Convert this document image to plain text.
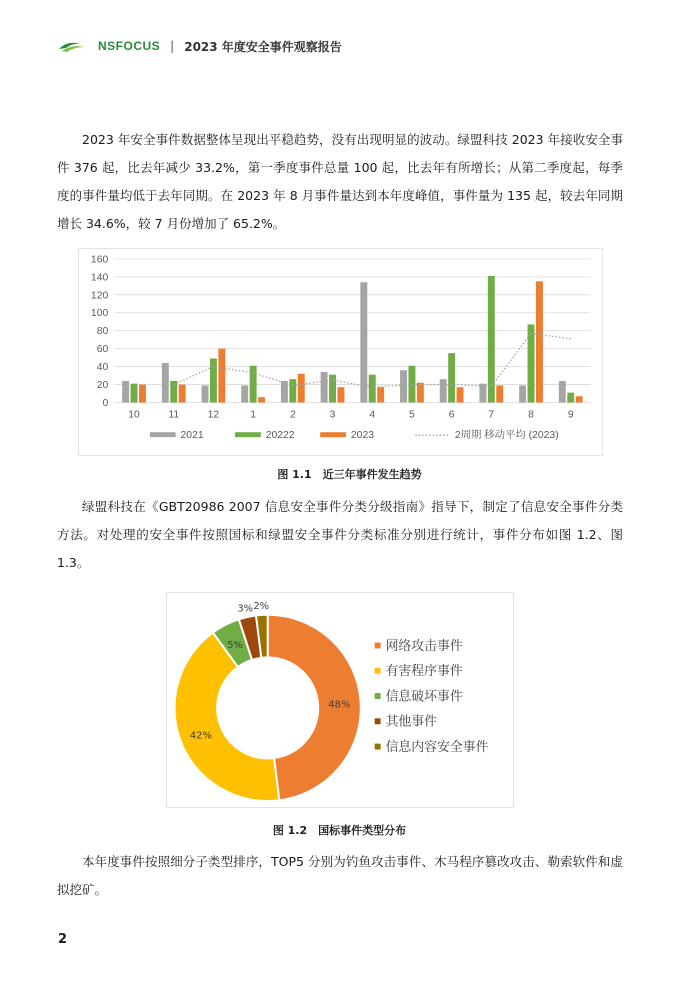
NSFOCUS | 2023 年度安全事件观察报告

2023 年安全事件数据整体呈现出平稳趋势，没有出现明显的波动。绿盟科技 2023 年接收安全事件 376 起，比去年减少 33.2%，第一季度事件总量 100 起，比去年有所增长；从第二季度起，每季度的事件量均低于去年同期。在 2023 年 8 月事件量达到本年度峰值，事件量为 135 起，较去年同期增长 34.6%，较 7 月份增加了 65.2%。

0
20
40
60
80
100
120
140
160
10	11	12	1	2	3	4	5	6	7	8	9
2021	20222	2023	2周期 移动平均 (2023)
图 1.1　近三年事件发生趋势

绿盟科技在《GBT20986 2007 信息安全事件分类分级指南》指导下，制定了信息安全事件分类方法。对处理的安全事件按照国标和绿盟安全事件分类标准分别进行统计，事件分布如图 1.2、图 1.3。

48%
42%
5%
3% 2%
网络攻击事件
有害程序事件
信息破坏事件
其他事件
信息内容安全事件
图 1.2　国标事件类型分布

本年度事件按照细分子类型排序，TOP5 分别为钓鱼攻击事件、木马程序篡改攻击、勒索软件和虚拟挖矿。

2
